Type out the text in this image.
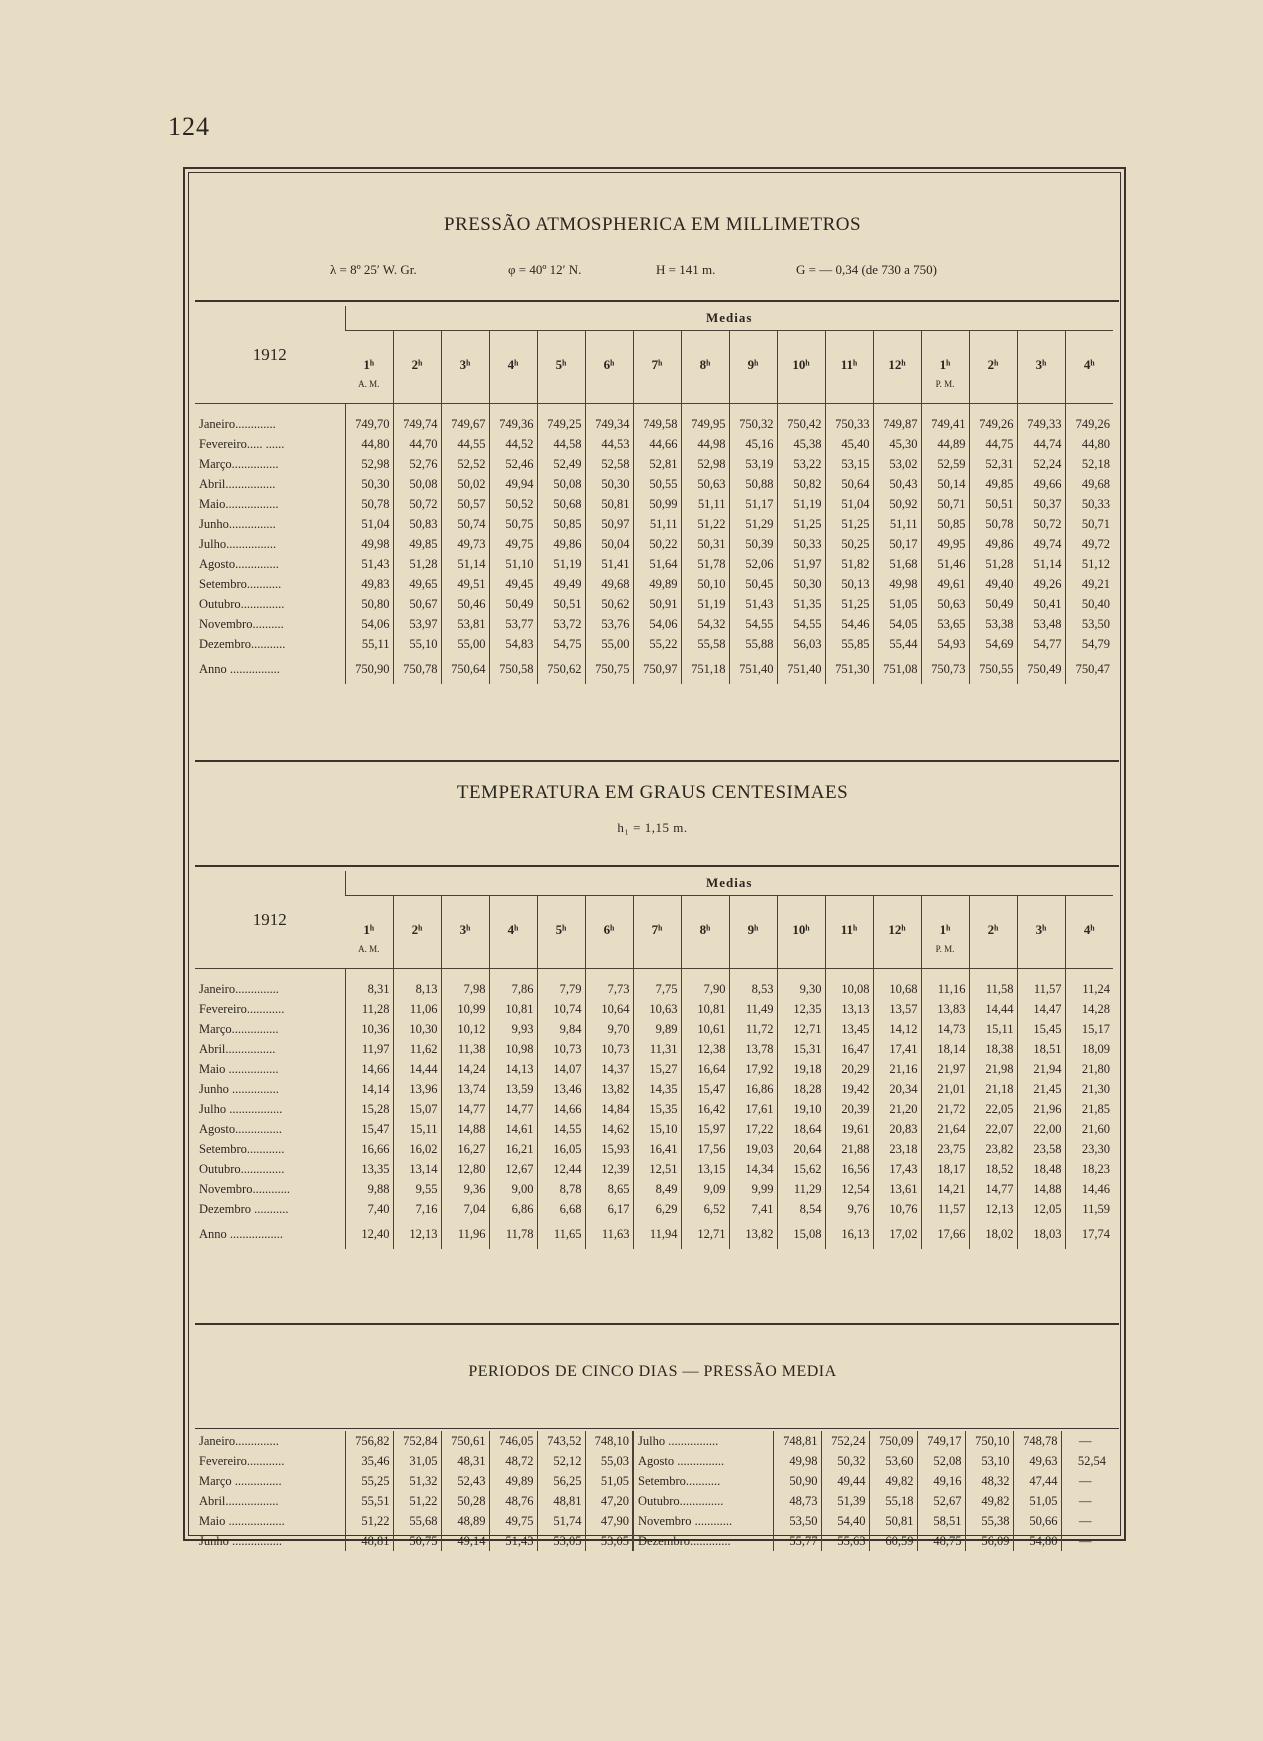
124
PRESSÃO ATMOSPHERICA EM MILLIMETROS
λ = 8º 25′ W. Gr.	φ = 40º 12′ N.	H = 141 m.	G = — 0,34 (de 730 a 750)
1912	Medias															

	1ʰ
A. M.	2ʰ	3ʰ	4ʰ	5ʰ	6ʰ	7ʰ	8ʰ	9ʰ	10ʰ	11ʰ	12ʰ	1ʰ
P. M.	2ʰ	3ʰ	4ʰ

Janeiro.............	749,70	749,74	749,67	749,36	749,25	749,34	749,58	749,95	750,32	750,42	750,33	749,87	749,41	749,26	749,33	749,26
Fevereiro..... ......	44,80	44,70	44,55	44,52	44,58	44,53	44,66	44,98	45,16	45,38	45,40	45,30	44,89	44,75	44,74	44,80
Março...............	52,98	52,76	52,52	52,46	52,49	52,58	52,81	52,98	53,19	53,22	53,15	53,02	52,59	52,31	52,24	52,18
Abril................	50,30	50,08	50,02	49,94	50,08	50,30	50,55	50,63	50,88	50,82	50,64	50,43	50,14	49,85	49,66	49,68
Maio.................	50,78	50,72	50,57	50,52	50,68	50,81	50,99	51,11	51,17	51,19	51,04	50,92	50,71	50,51	50,37	50,33
Junho...............	51,04	50,83	50,74	50,75	50,85	50,97	51,11	51,22	51,29	51,25	51,25	51,11	50,85	50,78	50,72	50,71
Julho................	49,98	49,85	49,73	49,75	49,86	50,04	50,22	50,31	50,39	50,33	50,25	50,17	49,95	49,86	49,74	49,72
Agosto..............	51,43	51,28	51,14	51,10	51,19	51,41	51,64	51,78	52,06	51,97	51,82	51,68	51,46	51,28	51,14	51,12
Setembro...........	49,83	49,65	49,51	49,45	49,49	49,68	49,89	50,10	50,45	50,30	50,13	49,98	49,61	49,40	49,26	49,21
Outubro..............	50,80	50,67	50,46	50,49	50,51	50,62	50,91	51,19	51,43	51,35	51,25	51,05	50,63	50,49	50,41	50,40
Novembro..........	54,06	53,97	53,81	53,77	53,72	53,76	54,06	54,32	54,55	54,55	54,46	54,05	53,65	53,38	53,48	53,50
Dezembro...........	55,11	55,10	55,00	54,83	54,75	55,00	55,22	55,58	55,88	56,03	55,85	55,44	54,93	54,69	54,77	54,79
Anno ................	750,90	750,78	750,64	750,58	750,62	750,75	750,97	751,18	751,40	751,40	751,30	751,08	750,73	750,55	750,49	750,47
TEMPERATURA EM GRAUS CENTESIMAES
h₁ = 1,15 m.
1912	Medias															

	1ʰ
A. M.	2ʰ	3ʰ	4ʰ	5ʰ	6ʰ	7ʰ	8ʰ	9ʰ	10ʰ	11ʰ	12ʰ	1ʰ
P. M.	2ʰ	3ʰ	4ʰ

Janeiro..............	8,31	8,13	7,98	7,86	7,79	7,73	7,75	7,90	8,53	9,30	10,08	10,68	11,16	11,58	11,57	11,24
Fevereiro............	11,28	11,06	10,99	10,81	10,74	10,64	10,63	10,81	11,49	12,35	13,13	13,57	13,83	14,44	14,47	14,28
Março...............	10,36	10,30	10,12	9,93	9,84	9,70	9,89	10,61	11,72	12,71	13,45	14,12	14,73	15,11	15,45	15,17
Abril................	11,97	11,62	11,38	10,98	10,73	10,73	11,31	12,38	13,78	15,31	16,47	17,41	18,14	18,38	18,51	18,09
Maio ................	14,66	14,44	14,24	14,13	14,07	14,37	15,27	16,64	17,92	19,18	20,29	21,16	21,97	21,98	21,94	21,80
Junho ...............	14,14	13,96	13,74	13,59	13,46	13,82	14,35	15,47	16,86	18,28	19,42	20,34	21,01	21,18	21,45	21,30
Julho .................	15,28	15,07	14,77	14,77	14,66	14,84	15,35	16,42	17,61	19,10	20,39	21,20	21,72	22,05	21,96	21,85
Agosto...............	15,47	15,11	14,88	14,61	14,55	14,62	15,10	15,97	17,22	18,64	19,61	20,83	21,64	22,07	22,00	21,60
Setembro............	16,66	16,02	16,27	16,21	16,05	15,93	16,41	17,56	19,03	20,64	21,88	23,18	23,75	23,82	23,58	23,30
Outubro..............	13,35	13,14	12,80	12,67	12,44	12,39	12,51	13,15	14,34	15,62	16,56	17,43	18,17	18,52	18,48	18,23
Novembro............	9,88	9,55	9,36	9,00	8,78	8,65	8,49	9,09	9,99	11,29	12,54	13,61	14,21	14,77	14,88	14,46
Dezembro ...........	7,40	7,16	7,04	6,86	6,68	6,17	6,29	6,52	7,41	8,54	9,76	10,76	11,57	12,13	12,05	11,59
Anno .................	12,40	12,13	11,96	11,78	11,65	11,63	11,94	12,71	13,82	15,08	16,13	17,02	17,66	18,02	18,03	17,74
PERIODOS DE CINCO DIAS — PRESSÃO MEDIA
Janeiro..............	756,82	752,84	750,61	746,05	743,52	748,10	Julho ................	748,81	752,24	750,09	749,17	750,10	748,78	—
Fevereiro............	35,46	31,05	48,31	48,72	52,12	55,03	Agosto ...............	49,98	50,32	53,60	52,08	53,10	49,63	52,54
Março ...............	55,25	51,32	52,43	49,89	56,25	51,05	Setembro...........	50,90	49,44	49,82	49,16	48,32	47,44	—
Abril.................	55,51	51,22	50,28	48,76	48,81	47,20	Outubro..............	48,73	51,39	55,18	52,67	49,82	51,05	—
Maio ..................	51,22	55,68	48,89	49,75	51,74	47,90	Novembro ............	53,50	54,40	50,81	58,51	55,38	50,66	—
Junho ................	48,81	50,75	49,14	51,43	53,05	53,05	Dezembro.............	55,77	55,63	60,59	48,75	56,09	54,80	—
